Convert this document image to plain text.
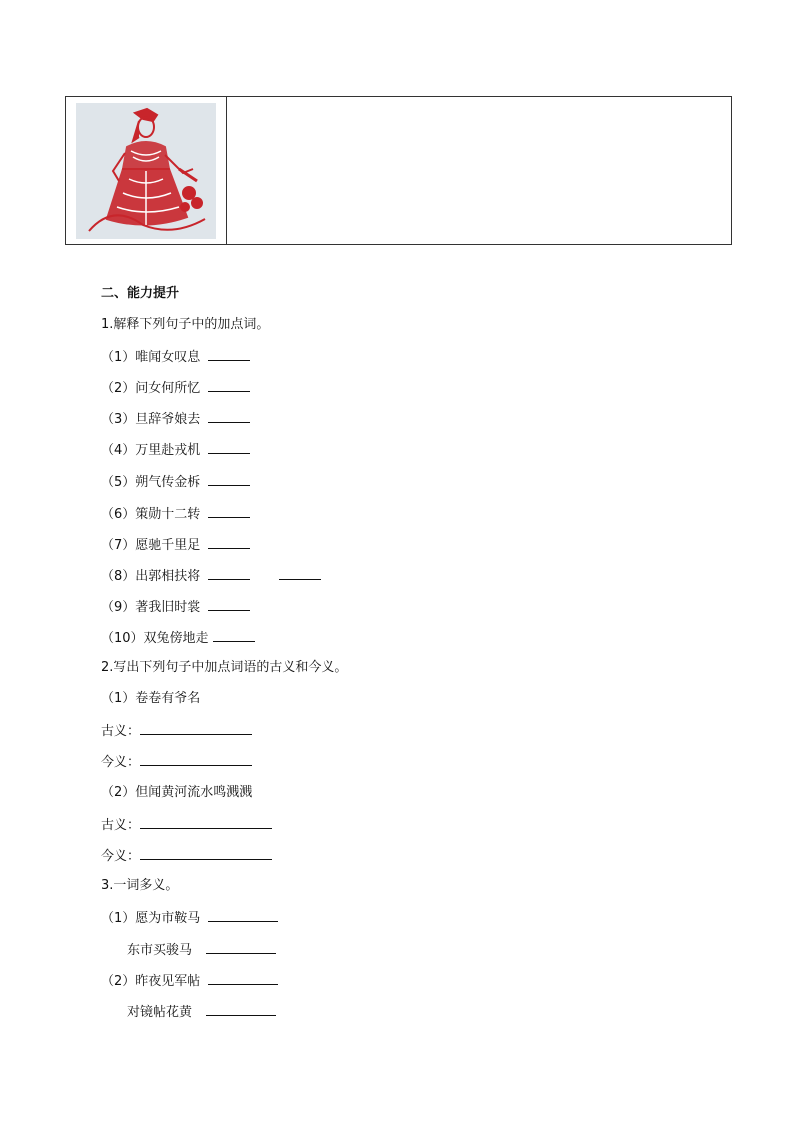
二、能力提升
1.解释下列句子中的加点词。
（1）唯闻女叹息
（2）问女何所忆
（3）旦辞爷娘去
（4）万里赴戎机
（5）朔气传金柝
（6）策勋十二转
（7）愿驰千里足
（8）出郭相扶将
（9）著我旧时裳
（10）双兔傍地走
2.写出下列句子中加点词语的古义和今义。
（1）卷卷有爷名
古义：
今义：
（2）但闻黄河流水鸣溅溅
古义：
今义：
3.一词多义。
（1）愿为市鞍马
东市买骏马
（2）昨夜见军帖
对镜帖花黄
